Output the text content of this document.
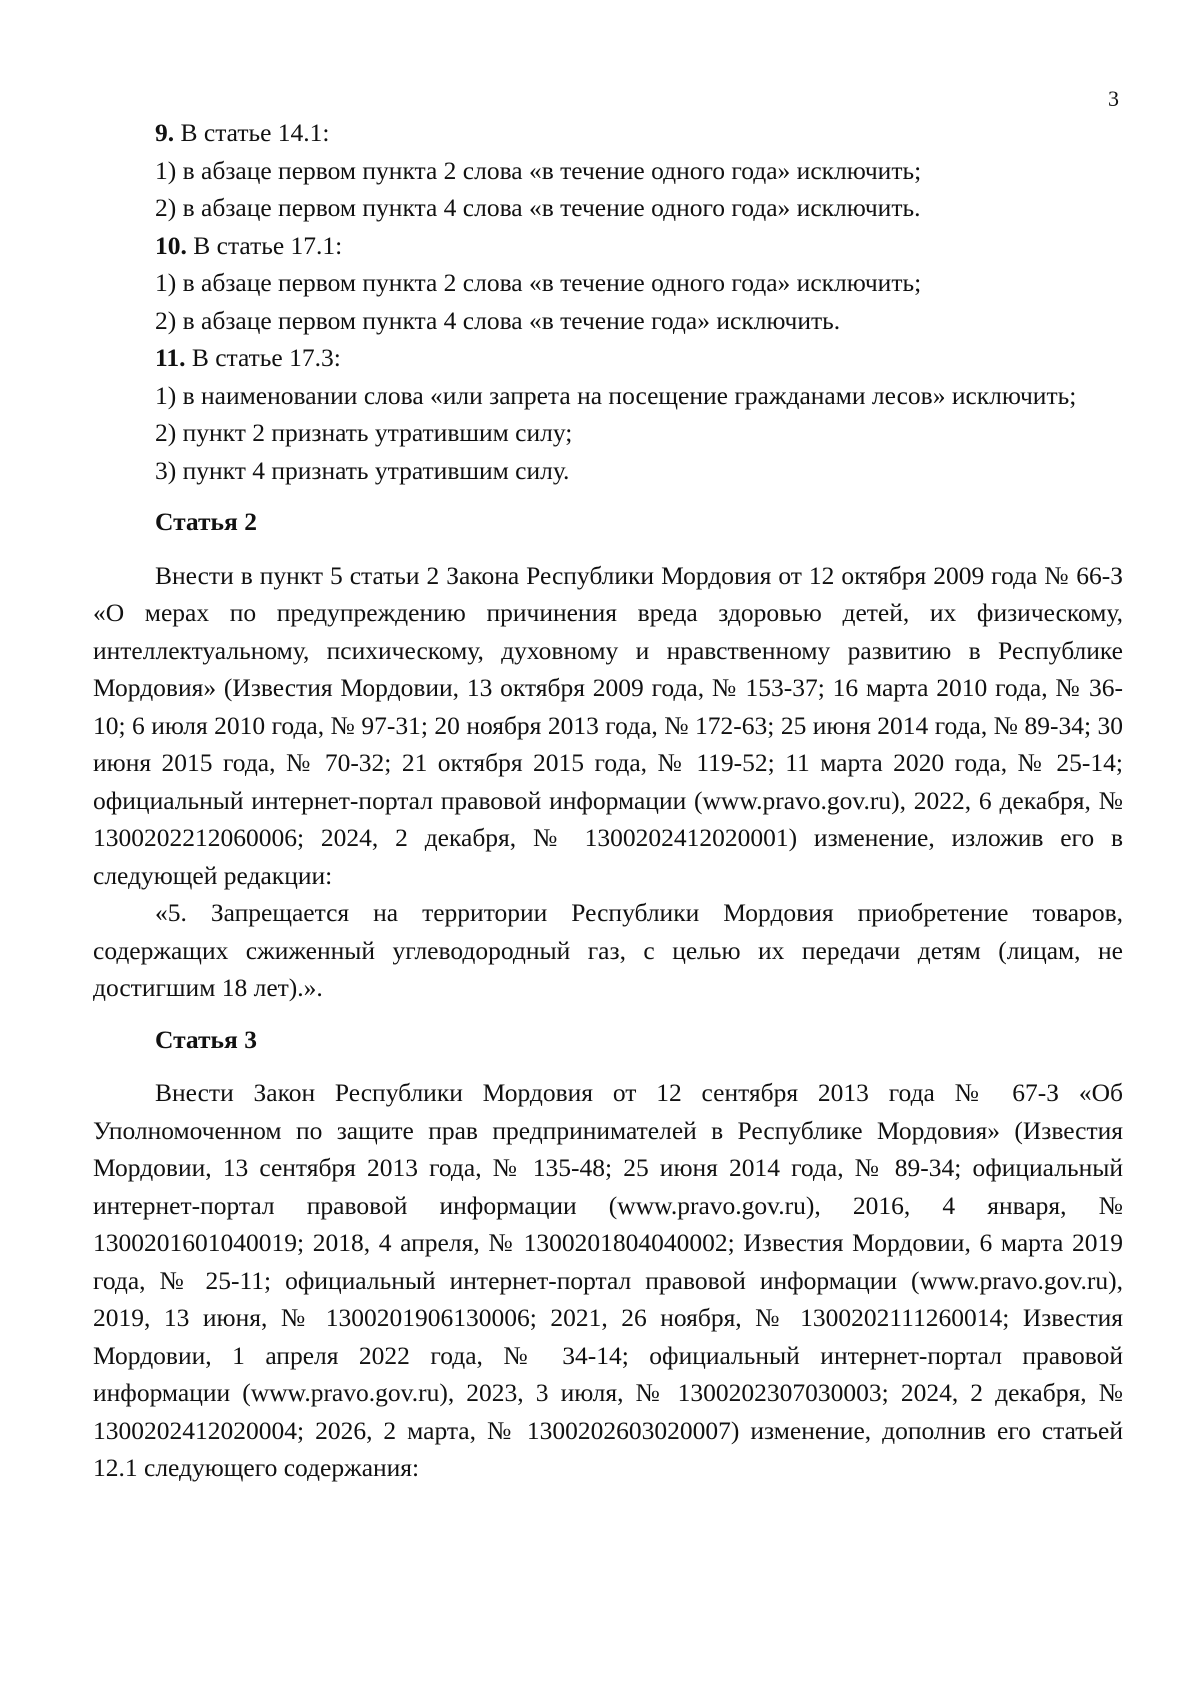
3

9. В статье 14.1:

1) в абзаце первом пункта 2 слова «в течение одного года» исключить;

2) в абзаце первом пункта 4 слова «в течение одного года» исключить.

10. В статье 17.1:

1) в абзаце первом пункта 2 слова «в течение одного года» исключить;

2) в абзаце первом пункта 4 слова «в течение года» исключить.

11. В статье 17.3:

1) в наименовании слова «или запрета на посещение гражданами лесов» исключить;

2) пункт 2 признать утратившим силу;

3) пункт 4 признать утратившим силу.

Статья 2

Внести в пункт 5 статьи 2 Закона Республики Мордовия от 12 октября 2009 года № 66-З «О мерах по предупреждению причинения вреда здоровью детей, их физическому, интеллектуальному, психическому, духовному и нравственному развитию в Республике Мордовия» (Известия Мордовии, 13 октября 2009 года, № 153-37; 16 марта 2010 года, № 36-10; 6 июля 2010 года, № 97-31; 20 ноября 2013 года, № 172-63; 25 июня 2014 года, № 89-34; 30 июня 2015 года, № 70-32; 21 октября 2015 года, № 119-52; 11 марта 2020 года, № 25-14; официальный интернет-портал правовой информации (www.pravo.gov.ru), 2022, 6 декабря, № 1300202212060006; 2024, 2 декабря, № 1300202412020001) изменение, изложив его в следующей редакции:

«5. Запрещается на территории Республики Мордовия приобретение товаров, содержащих сжиженный углеводородный газ, с целью их передачи детям (лицам, не достигшим 18 лет).».

Статья 3

Внести Закон Республики Мордовия от 12 сентября 2013 года № 67-З «Об Уполномоченном по защите прав предпринимателей в Республике Мордовия» (Известия Мордовии, 13 сентября 2013 года, № 135-48; 25 июня 2014 года, № 89-34; официальный интернет-портал правовой информации (www.pravo.gov.ru), 2016, 4 января, № 1300201601040019; 2018, 4 апреля, № 1300201804040002; Известия Мордовии, 6 марта 2019 года, № 25-11; официальный интернет-портал правовой информации (www.pravo.gov.ru), 2019, 13 июня, № 1300201906130006; 2021, 26 ноября, № 1300202111260014; Известия Мордовии, 1 апреля 2022 года, № 34-14; официальный интернет-портал правовой информации (www.pravo.gov.ru), 2023, 3 июля, № 1300202307030003; 2024, 2 декабря, № 1300202412020004; 2026, 2 марта, № 1300202603020007) изменение, дополнив его статьей 12.1 следующего содержания:
